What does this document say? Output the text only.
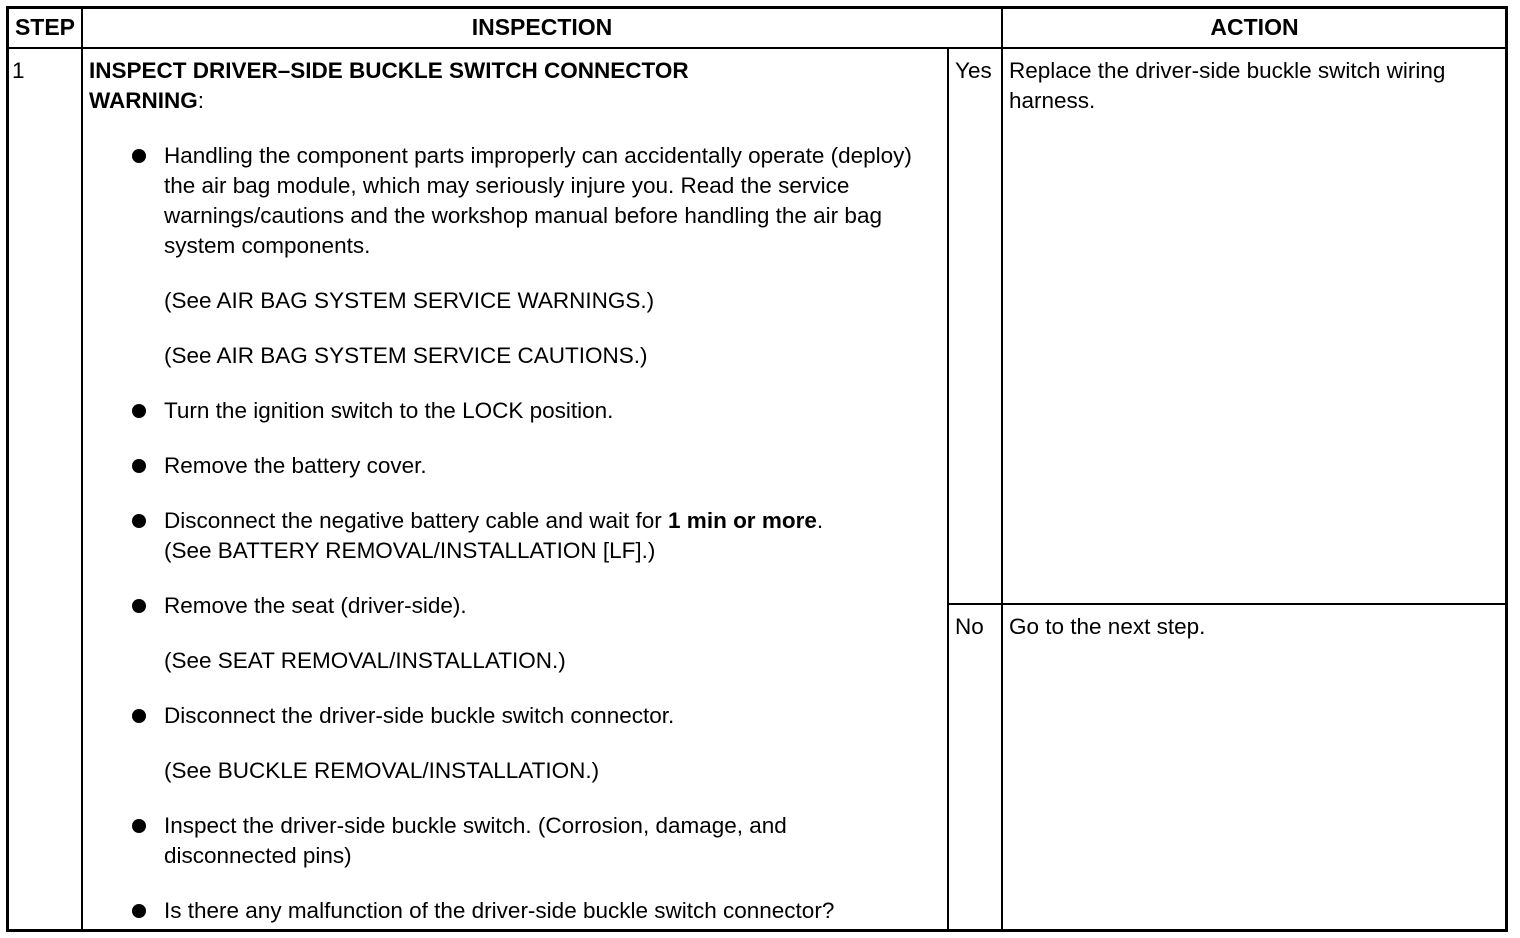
STEP	INSPECTION	ACTION
1	INSPECT DRIVER–SIDE BUCKLE SWITCH CONNECTOR
WARNING:
Handling the component parts improperly can accidentally operate (deploy) the air bag module, which may seriously injure you. Read the service warnings/cautions and the workshop manual before handling the air bag system components.
(See AIR BAG SYSTEM SERVICE WARNINGS.)
(See AIR BAG SYSTEM SERVICE CAUTIONS.)
Turn the ignition switch to the LOCK position.
Remove the battery cover.
Disconnect the negative battery cable and wait for 1 min or more.
(See BATTERY REMOVAL/INSTALLATION [LF].)
Remove the seat (driver-side).
(See SEAT REMOVAL/INSTALLATION.)
Disconnect the driver-side buckle switch connector.
(See BUCKLE REMOVAL/INSTALLATION.)
Inspect the driver-side buckle switch. (Corrosion, damage, and disconnected pins)
Is there any malfunction of the driver-side buckle switch connector?
Yes Replace the driver-side buckle switch wiring harness.
No Go to the next step.
